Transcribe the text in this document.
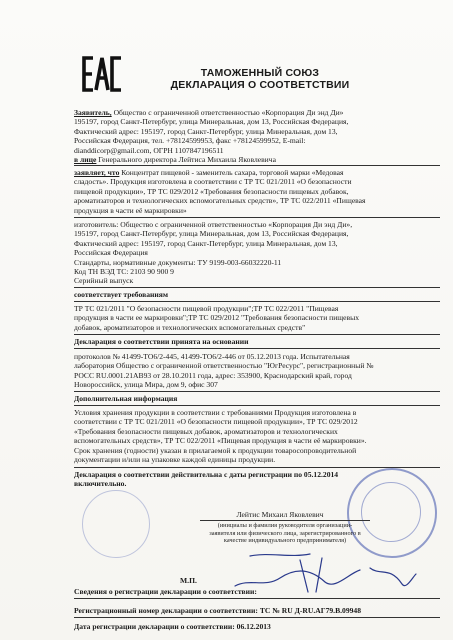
ТАМОЖЕННЫЙ СОЮЗ
ДЕКЛАРАЦИЯ О СООТВЕТСТВИИ
Заявитель, Общество с ограниченной ответственностью «Корпорация Ди энд Ди»
195197, город Санкт-Петербург, улица Минеральная, дом 13, Российская Федерация,
Фактический адрес: 195197, город Санкт-Петербург, улица Минеральная, дом 13,
Российская Федерация, тел. +78124599953, факс +78124599952, E-mail:
dianddicorp@gmail.com, ОГРН 1107847196511
в лице Генерального директора Лейтиса Михаила Яковлевича
заявляет, что Концентрат пищевой - заменитель сахара, торговой марки «Медовая
сладость». Продукция изготовлена в соответствии с ТР ТС 021/2011 «О безопасности
пищевой продукции», ТР ТС 029/2012 «Требования безопасности пищевых добавок,
ароматизаторов и технологических вспомогательных средств», ТР ТС 022/2011 «Пищевая
продукция в части её маркировки»
изготовитель: Общество с ограниченной ответственностью «Корпорация Ди энд Ди»,
195197, город Санкт-Петербург, улица Минеральная, дом 13, Российская Федерация,
Фактический адрес: 195197, город Санкт-Петербург, улица Минеральная, дом 13,
Российская Федерация
Стандарты, нормативные документы: ТУ 9199-003-66032220-11
Код ТН ВЭД ТС: 2103 90 900 9
Серийный выпуск
соответствует требованиям
ТР ТС 021/2011 "О безопасности пищевой продукции";ТР ТС 022/2011 "Пищевая
продукция в части ее маркировки";ТР ТС 029/2012 "Требования безопасности пищевых
добавок, ароматизаторов и технологических вспомогательных средств"
Декларация о соответствии принята на основании
протоколов № 41499-ТО6/2-445, 41499-ТО6/2-446 от 05.12.2013 года. Испытательная
лаборатория Общество с ограниченной ответственностью "ЮгРесурс", регистрационный №
РОСС RU.0001.21АВ93 от 28.10.2011 года, адрес: 353900, Краснодарский край, город
Новороссийск, улица Мира, дом 9, офис 307
Дополнительная информация
Условия хранения продукции в соответствии с требованиями Продукция изготовлена в
соответствии с ТР ТС 021/2011 «О безопасности пищевой продукции», ТР ТС 029/2012
«Требования безопасности пищевых добавок, ароматизаторов и технологических
вспомогательных средств», ТР ТС 022/2011 «Пищевая продукция в части её маркировки».
Срок хранения (годности) указан в прилагаемой к продукции товаросопроводительной
документации и/или на упаковке каждой единицы продукции.
Декларация о соответствии действительна с даты регистрации по 05.12.2014
включительно.
Лейтис Михаил Яковлевич
(инициалы и фамилия руководителя организации-
заявителя или физического лица, зарегистрированного в
качестве индивидуального предпринимателя)
М.П.
Сведения о регистрации декларации о соответствии:
Регистрационный номер декларации о соответствии: ТС № RU Д-RU.АГ79.В.09948
Дата регистрации декларации о соответствии: 06.12.2013
